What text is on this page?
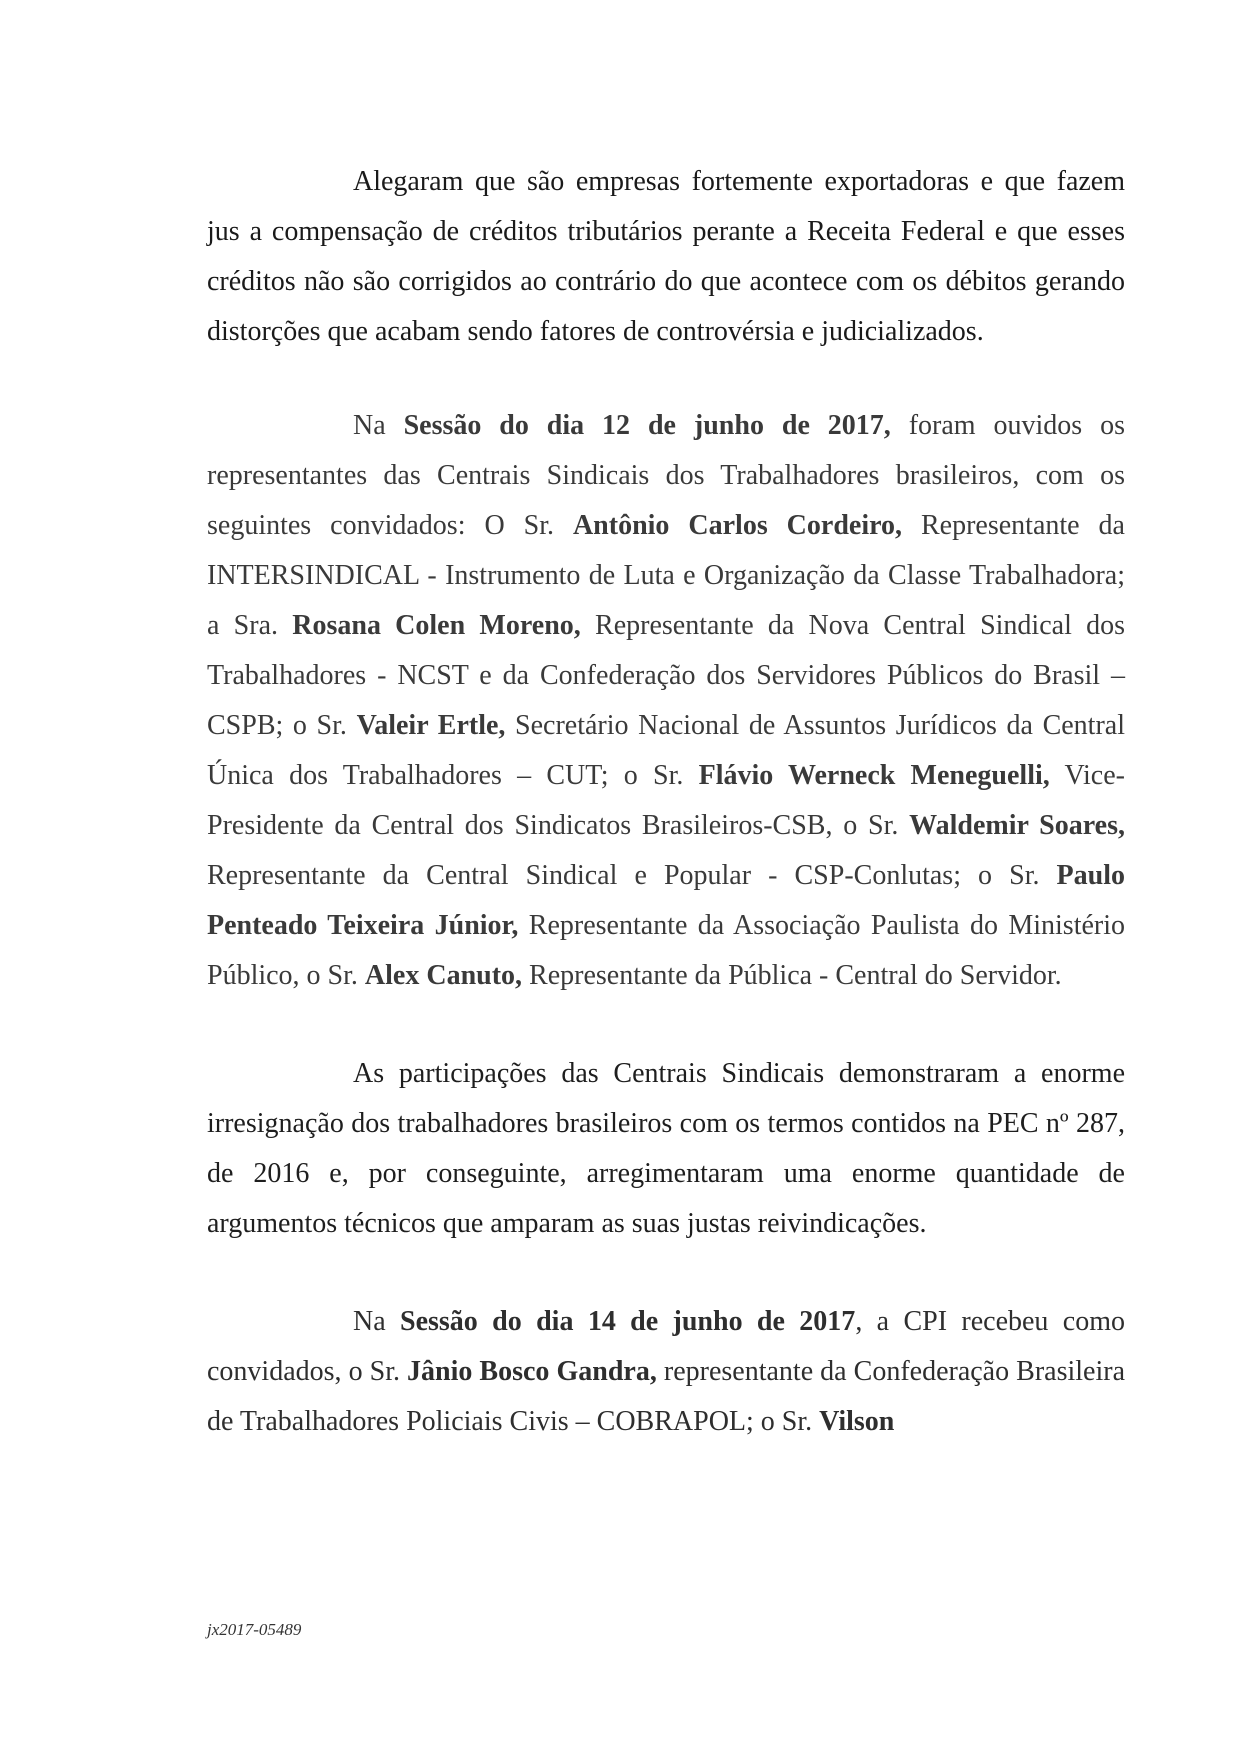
Alegaram que são empresas fortemente exportadoras e que fazem jus a compensação de créditos tributários perante a Receita Federal e que esses créditos não são corrigidos ao contrário do que acontece com os débitos gerando distorções que acabam sendo fatores de controvérsia e judicializados.

Na Sessão do dia 12 de junho de 2017, foram ouvidos os representantes das Centrais Sindicais dos Trabalhadores brasileiros, com os seguintes convidados: O Sr. Antônio Carlos Cordeiro, Representante da INTERSINDICAL - Instrumento de Luta e Organização da Classe Trabalhadora; a Sra. Rosana Colen Moreno, Representante da Nova Central Sindical dos Trabalhadores - NCST e da Confederação dos Servidores Públicos do Brasil – CSPB; o Sr. Valeir Ertle, Secretário Nacional de Assuntos Jurídicos da Central Única dos Trabalhadores – CUT; o Sr. Flávio Werneck Meneguelli, Vice-Presidente da Central dos Sindicatos Brasileiros-CSB, o Sr. Waldemir Soares, Representante da Central Sindical e Popular - CSP-Conlutas; o Sr. Paulo Penteado Teixeira Júnior, Representante da Associação Paulista do Ministério Público, o Sr. Alex Canuto, Representante da Pública - Central do Servidor.

As participações das Centrais Sindicais demonstraram a enorme irresignação dos trabalhadores brasileiros com os termos contidos na PEC nº 287, de 2016 e, por conseguinte, arregimentaram uma enorme quantidade de argumentos técnicos que amparam as suas justas reivindicações.

Na Sessão do dia 14 de junho de 2017, a CPI recebeu como convidados, o Sr. Jânio Bosco Gandra, representante da Confederação Brasileira de Trabalhadores Policiais Civis – COBRAPOL; o Sr. Vilson

jx2017-05489
